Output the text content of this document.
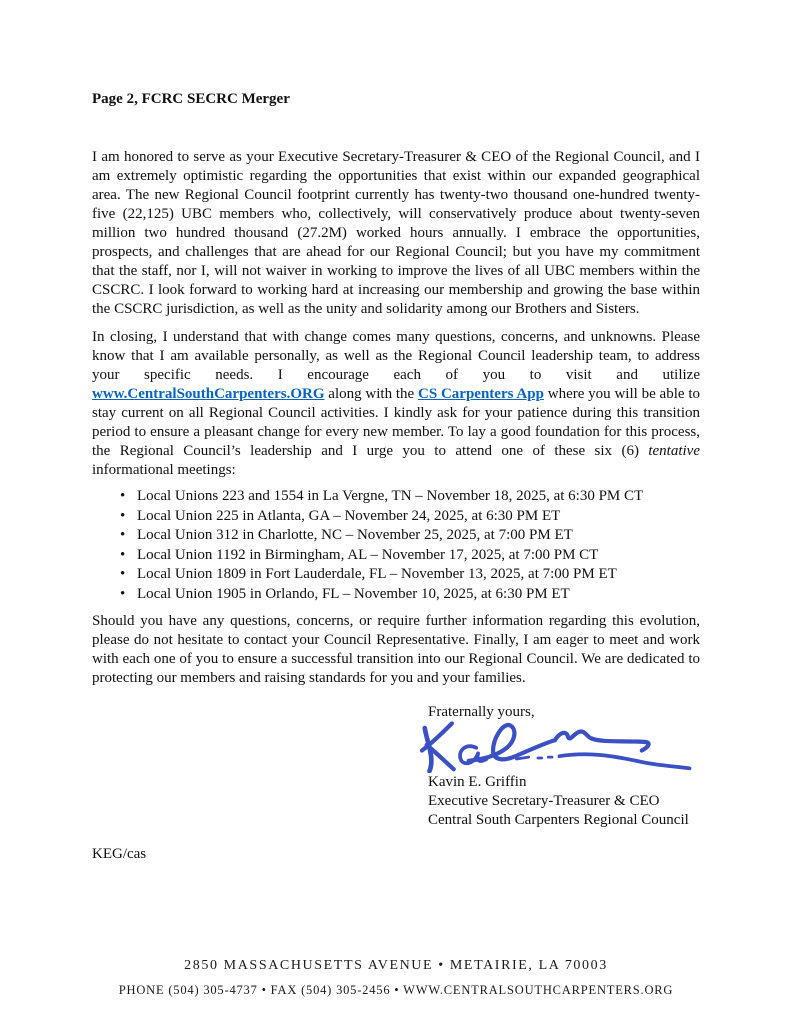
Page 2, FCRC SECRC Merger

I am honored to serve as your Executive Secretary-Treasurer & CEO of the Regional Council, and I am extremely optimistic regarding the opportunities that exist within our expanded geographical area. The new Regional Council footprint currently has twenty-two thousand one-hundred twenty-five (22,125) UBC members who, collectively, will conservatively produce about twenty-seven million two hundred thousand (27.2M) worked hours annually. I embrace the opportunities, prospects, and challenges that are ahead for our Regional Council; but you have my commitment that the staff, nor I, will not waiver in working to improve the lives of all UBC members within the CSCRC. I look forward to working hard at increasing our membership and growing the base within the CSCRC jurisdiction, as well as the unity and solidarity among our Brothers and Sisters.

In closing, I understand that with change comes many questions, concerns, and unknowns. Please know that I am available personally, as well as the Regional Council leadership team, to address your specific needs. I encourage each of you to visit and utilize www.CentralSouthCarpenters.ORG along with the CS Carpenters App where you will be able to stay current on all Regional Council activities. I kindly ask for your patience during this transition period to ensure a pleasant change for every new member. To lay a good foundation for this process, the Regional Council’s leadership and I urge you to attend one of these six (6) tentative informational meetings:

• Local Unions 223 and 1554 in La Vergne, TN – November 18, 2025, at 6:30 PM CT
• Local Union 225 in Atlanta, GA – November 24, 2025, at 6:30 PM ET
• Local Union 312 in Charlotte, NC – November 25, 2025, at 7:00 PM ET
• Local Union 1192 in Birmingham, AL – November 17, 2025, at 7:00 PM CT
• Local Union 1809 in Fort Lauderdale, FL – November 13, 2025, at 7:00 PM ET
• Local Union 1905 in Orlando, FL – November 10, 2025, at 6:30 PM ET

Should you have any questions, concerns, or require further information regarding this evolution, please do not hesitate to contact your Council Representative. Finally, I am eager to meet and work with each one of you to ensure a successful transition into our Regional Council. We are dedicated to protecting our members and raising standards for you and your families.

Fraternally yours,
Kavin E. Griffin
Executive Secretary-Treasurer & CEO
Central South Carpenters Regional Council
KEG/cas
2850 MASSACHUSETTS AVENUE • METAIRIE, LA 70003
PHONE (504) 305-4737 • FAX (504) 305-2456 • WWW.CENTRALSOUTHCARPENTERS.ORG
